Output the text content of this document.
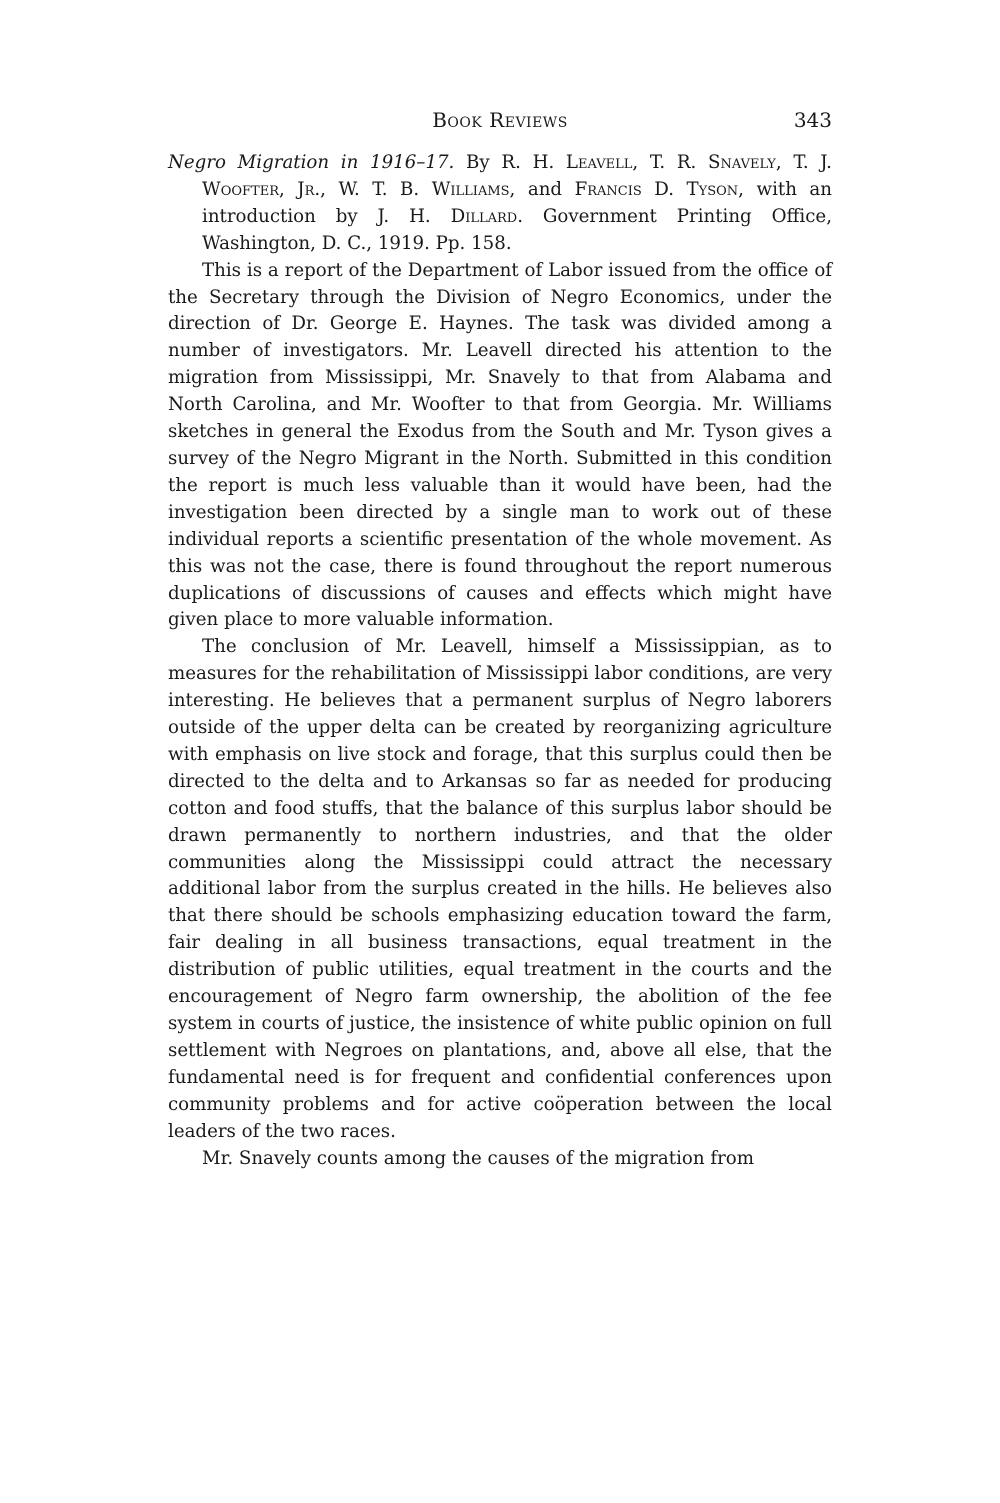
Book Reviews	343
Negro Migration in 1916–17. By R. H. Leavell, T. R. Snavely, T. J. Woofter, Jr., W. T. B. Williams, and Francis D. Tyson, with an introduction by J. H. Dillard. Government Printing Office, Washington, D. C., 1919. Pp. 158.

This is a report of the Department of Labor issued from the office of the Secretary through the Division of Negro Economics, under the direction of Dr. George E. Haynes. The task was divided among a number of investigators. Mr. Leavell directed his attention to the migration from Mississippi, Mr. Snavely to that from Alabama and North Carolina, and Mr. Woofter to that from Georgia. Mr. Williams sketches in general the Exodus from the South and Mr. Tyson gives a survey of the Negro Migrant in the North. Submitted in this condition the report is much less valuable than it would have been, had the investigation been directed by a single man to work out of these individual reports a scientific presentation of the whole movement. As this was not the case, there is found throughout the report numerous duplications of discussions of causes and effects which might have given place to more valuable information.

The conclusion of Mr. Leavell, himself a Mississippian, as to measures for the rehabilitation of Mississippi labor conditions, are very interesting. He believes that a permanent surplus of Negro laborers outside of the upper delta can be created by reorganizing agriculture with emphasis on live stock and forage, that this surplus could then be directed to the delta and to Arkansas so far as needed for producing cotton and food stuffs, that the balance of this surplus labor should be drawn permanently to northern industries, and that the older communities along the Mississippi could attract the necessary additional labor from the surplus created in the hills. He believes also that there should be schools emphasizing education toward the farm, fair dealing in all business transactions, equal treatment in the distribution of public utilities, equal treatment in the courts and the encouragement of Negro farm ownership, the abolition of the fee system in courts of justice, the insistence of white public opinion on full settlement with Negroes on plantations, and, above all else, that the fundamental need is for frequent and confidential conferences upon community problems and for active coöperation between the local leaders of the two races.

Mr. Snavely counts among the causes of the migration from
